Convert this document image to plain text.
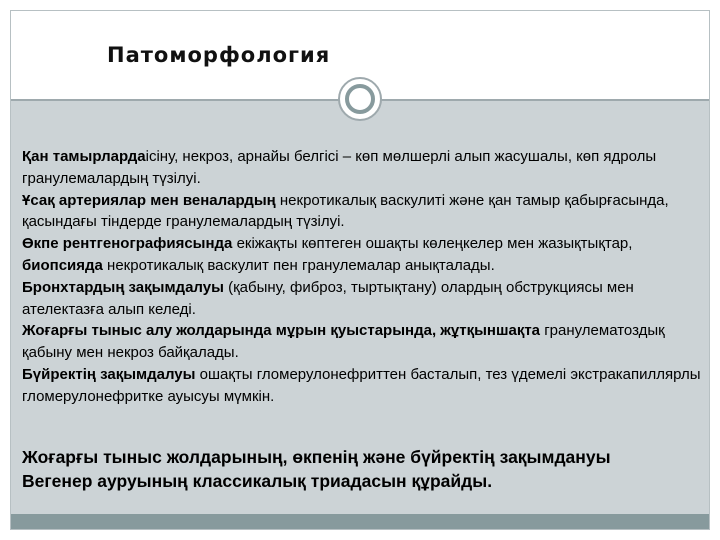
Патоморфология

Қан тамырлардаісіну, некроз, арнайы белгісі – көп мөлшерлі алып жасушалы, көп ядролы гранулемалардың түзілуі.

Ұсақ артериялар мен веналардың некротикалық васкулиті және қан тамыр қабырғасында, қасындағы тіндерде гранулемалардың түзілуі.

Өкпе рентгенографиясында екіжақты көптеген ошақты көлеңкелер мен жазықтықтар, биопсияда некротикалық васкулит пен гранулемалар анықталады.

Бронхтардың зақымдалуы (қабыну, фиброз, тыртықтану) олардың обструкциясы мен ателектазға алып келеді.

Жоғарғы тыныс алу жолдарында мұрын қуыстарында, жұтқыншақта гранулематоздық қабыну мен некроз байқалады.

Бүйректің зақымдалуы ошақты гломерулонефриттен басталып, тез үдемелі экстракапиллярлы гломерулонефритке ауысуы мүмкін.

Жоғарғы тыныс жолдарының, өкпенің және бүйректің зақымдануы Вегенер ауруының классикалық триадасын құрайды.
